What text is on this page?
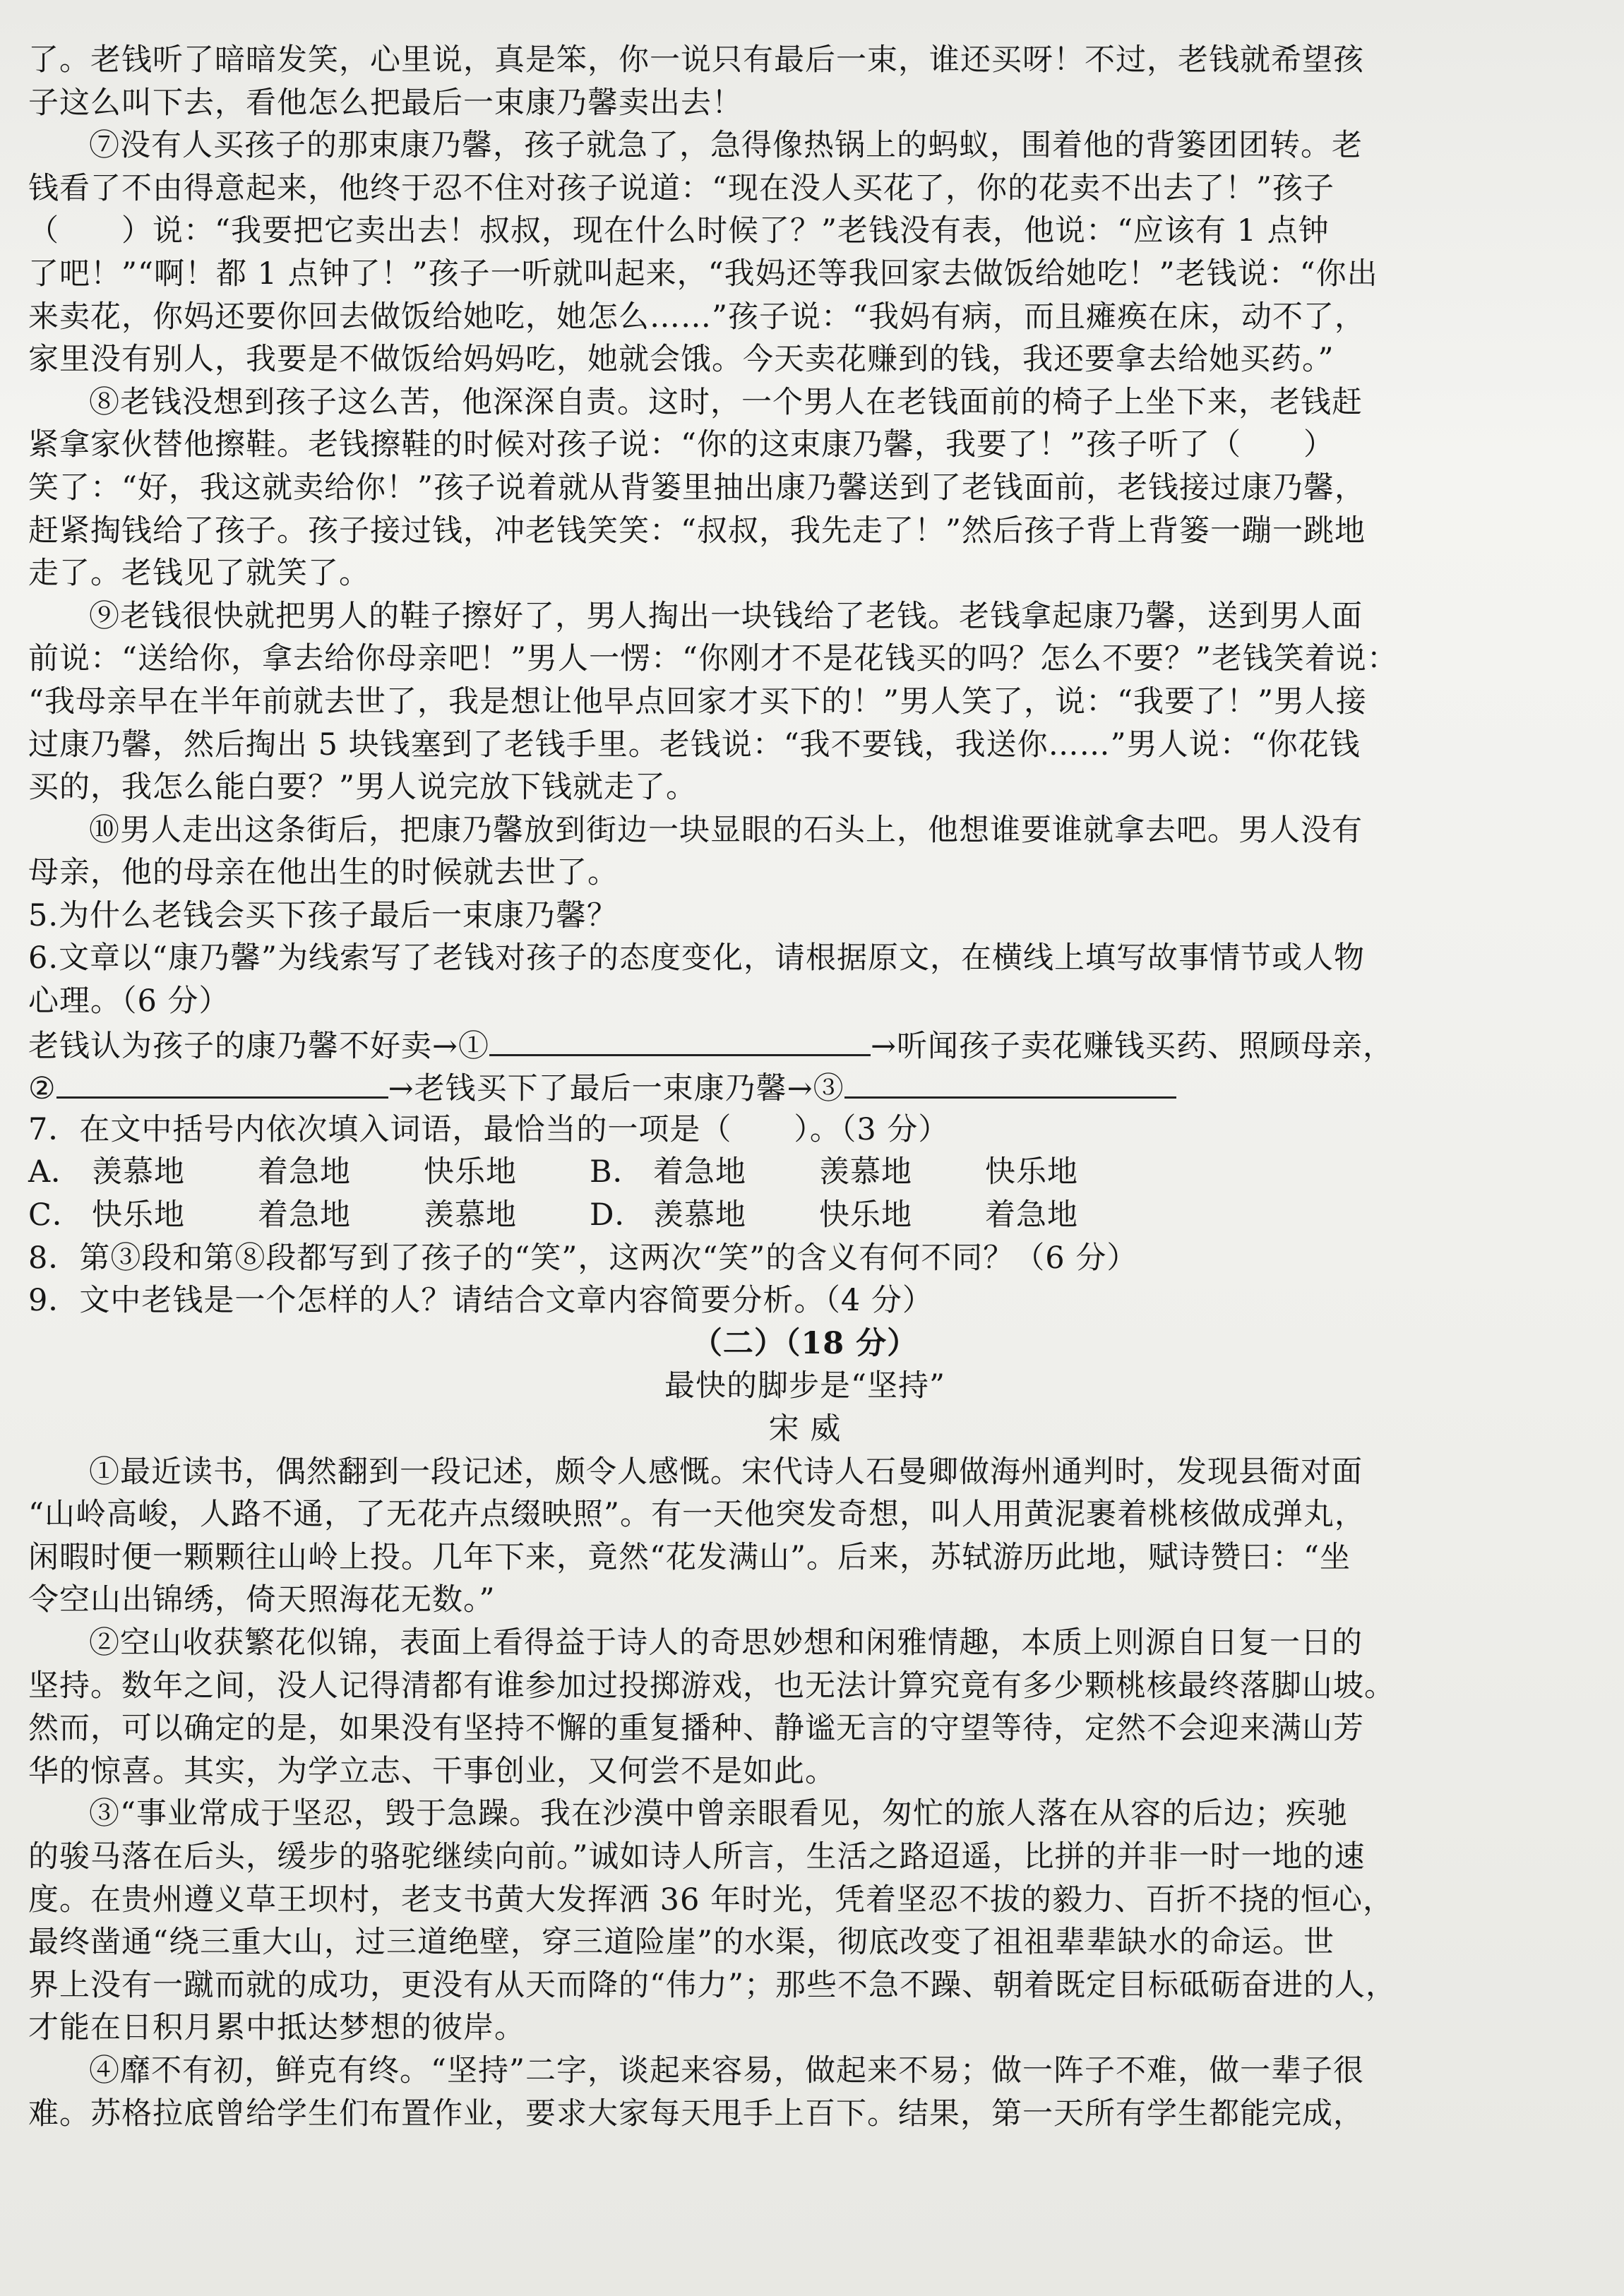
了。老钱听了暗暗发笑，心里说，真是笨，你一说只有最后一束，谁还买呀！不过，老钱就希望孩
子这么叫下去，看他怎么把最后一束康乃馨卖出去！
⑦没有人买孩子的那束康乃馨，孩子就急了，急得像热锅上的蚂蚁，围着他的背篓团团转。老
钱看了不由得意起来，他终于忍不住对孩子说道：“现在没人买花了，你的花卖不出去了！”孩子
（　　）说：“我要把它卖出去！叔叔，现在什么时候了？”老钱没有表，他说：“应该有 1 点钟
了吧！”“啊！都 1 点钟了！”孩子一听就叫起来，“我妈还等我回家去做饭给她吃！”老钱说：“你出
来卖花，你妈还要你回去做饭给她吃，她怎么……”孩子说：“我妈有病，而且瘫痪在床，动不了，
家里没有别人，我要是不做饭给妈妈吃，她就会饿。今天卖花赚到的钱，我还要拿去给她买药。”
⑧老钱没想到孩子这么苦，他深深自责。这时，一个男人在老钱面前的椅子上坐下来，老钱赶
紧拿家伙替他擦鞋。老钱擦鞋的时候对孩子说：“你的这束康乃馨，我要了！”孩子听了（　　）
笑了：“好，我这就卖给你！”孩子说着就从背篓里抽出康乃馨送到了老钱面前，老钱接过康乃馨，
赶紧掏钱给了孩子。孩子接过钱，冲老钱笑笑：“叔叔，我先走了！”然后孩子背上背篓一蹦一跳地
走了。老钱见了就笑了。
⑨老钱很快就把男人的鞋子擦好了，男人掏出一块钱给了老钱。老钱拿起康乃馨，送到男人面
前说：“送给你，拿去给你母亲吧！”男人一愣：“你刚才不是花钱买的吗？怎么不要？”老钱笑着说：
“我母亲早在半年前就去世了，我是想让他早点回家才买下的！”男人笑了，说：“我要了！”男人接
过康乃馨，然后掏出 5 块钱塞到了老钱手里。老钱说：“我不要钱，我送你……”男人说：“你花钱
买的，我怎么能白要？”男人说完放下钱就走了。
⑩男人走出这条街后，把康乃馨放到街边一块显眼的石头上，他想谁要谁就拿去吧。男人没有
母亲，他的母亲在他出生的时候就去世了。
5.为什么老钱会买下孩子最后一束康乃馨？
6.文章以“康乃馨”为线索写了老钱对孩子的态度变化，请根据原文，在横线上填写故事情节或人物
心理。（6 分）
老钱认为孩子的康乃馨不好卖→①	→听闻孩子卖花赚钱买药、照顾母亲，
②	→老钱买下了最后一束康乃馨→③
7．在文中括号内依次填入词语，最恰当的一项是（　　）。（3 分）
A． 羡慕地 着急地 快乐地 B． 着急地 羡慕地 快乐地
C． 快乐地 着急地 羡慕地 D． 羡慕地 快乐地 着急地
8．第③段和第⑧段都写到了孩子的“笑”，这两次“笑”的含义有何不同？（6 分）
9．文中老钱是一个怎样的人？请结合文章内容简要分析。（4 分）
（二）（18 分）
最快的脚步是“坚持”
宋 威
①最近读书，偶然翻到一段记述，颇令人感慨。宋代诗人石曼卿做海州通判时，发现县衙对面
“山岭高峻，人路不通，了无花卉点缀映照”。有一天他突发奇想，叫人用黄泥裹着桃核做成弹丸，
闲暇时便一颗颗往山岭上投。几年下来，竟然“花发满山”。后来，苏轼游历此地，赋诗赞曰：“坐
令空山出锦绣，倚天照海花无数。”
②空山收获繁花似锦，表面上看得益于诗人的奇思妙想和闲雅情趣，本质上则源自日复一日的
坚持。数年之间，没人记得清都有谁参加过投掷游戏，也无法计算究竟有多少颗桃核最终落脚山坡。
然而，可以确定的是，如果没有坚持不懈的重复播种、静谧无言的守望等待，定然不会迎来满山芳
华的惊喜。其实，为学立志、干事创业，又何尝不是如此。
③“事业常成于坚忍，毁于急躁。我在沙漠中曾亲眼看见，匆忙的旅人落在从容的后边；疾驰
的骏马落在后头，缓步的骆驼继续向前。”诚如诗人所言，生活之路迢遥，比拼的并非一时一地的速
度。在贵州遵义草王坝村，老支书黄大发挥洒 36 年时光，凭着坚忍不拔的毅力、百折不挠的恒心，
最终凿通“绕三重大山，过三道绝壁，穿三道险崖”的水渠，彻底改变了祖祖辈辈缺水的命运。世
界上没有一蹴而就的成功，更没有从天而降的“伟力”；那些不急不躁、朝着既定目标砥砺奋进的人，
才能在日积月累中抵达梦想的彼岸。
④靡不有初，鲜克有终。“坚持”二字，谈起来容易，做起来不易；做一阵子不难，做一辈子很
难。苏格拉底曾给学生们布置作业，要求大家每天甩手上百下。结果，第一天所有学生都能完成，
